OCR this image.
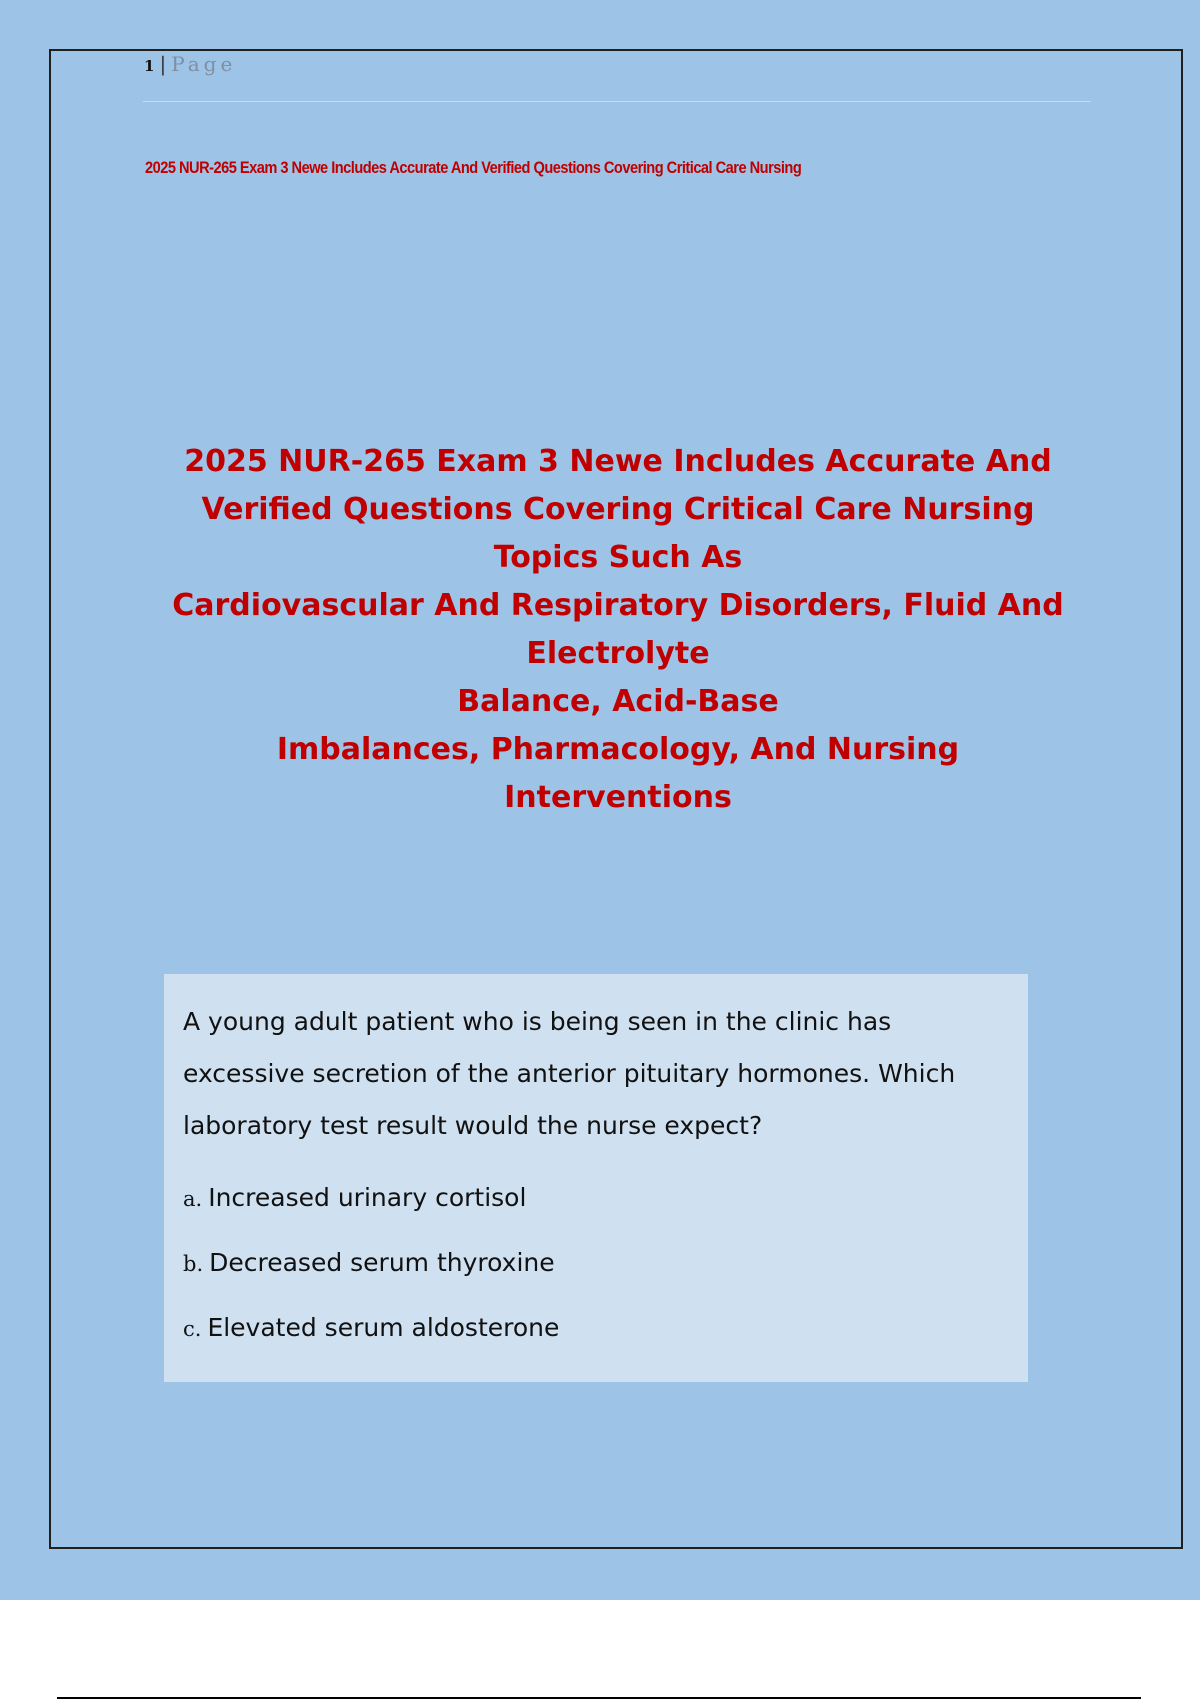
1 | Page
2025 NUR-265 Exam 3 Newe Includes Accurate And Verified Questions Covering Critical Care Nursing
2025 NUR-265 Exam 3 Newe Includes Accurate And
Verified Questions Covering Critical Care Nursing
Topics Such As
Cardiovascular And Respiratory Disorders, Fluid And
Electrolyte
Balance, Acid-Base
Imbalances, Pharmacology, And Nursing
Interventions

A young adult patient who is being seen in the clinic has excessive secretion of the anterior pituitary hormones. Which laboratory test result would the nurse expect?

a. Increased urinary cortisol
b. Decreased serum thyroxine
c. Elevated serum aldosterone
